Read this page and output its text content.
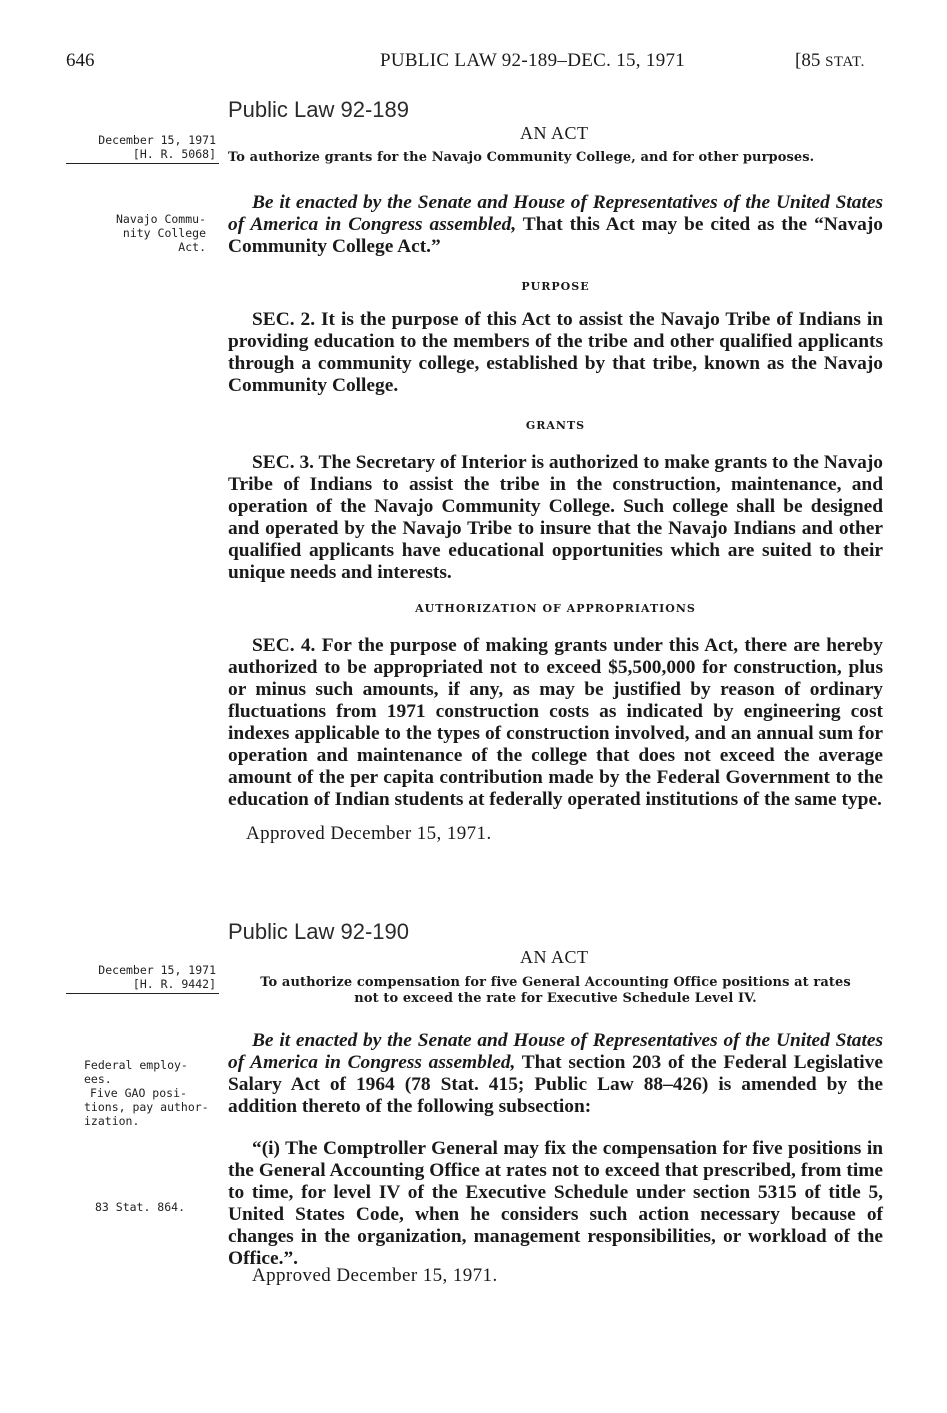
646	PUBLIC LAW 92-189–DEC. 15, 1971	[85 STAT.
Public Law 92-189
AN ACT
December 15, 1971
[H. R. 5068] To authorize grants for the Navajo Community College, and for other purposes.
Navajo Commu-
nity College Act.

Be it enacted by the Senate and House of Representatives of the United States of America in Congress assembled, That this Act may be cited as the “Navajo Community College Act.”

PURPOSE

SEC. 2. It is the purpose of this Act to assist the Navajo Tribe of Indians in providing education to the members of the tribe and other qualified applicants through a community college, established by that tribe, known as the Navajo Community College.

GRANTS

SEC. 3. The Secretary of Interior is authorized to make grants to the Navajo Tribe of Indians to assist the tribe in the construction, maintenance, and operation of the Navajo Community College. Such college shall be designed and operated by the Navajo Tribe to insure that the Navajo Indians and other qualified applicants have educational opportunities which are suited to their unique needs and interests.

AUTHORIZATION OF APPROPRIATIONS

SEC. 4. For the purpose of making grants under this Act, there are hereby authorized to be appropriated not to exceed $5,500,000 for construction, plus or minus such amounts, if any, as may be justified by reason of ordinary fluctuations from 1971 construction costs as indicated by engineering cost indexes applicable to the types of construction involved, and an annual sum for operation and maintenance of the college that does not exceed the average amount of the per capita contribution made by the Federal Government to the education of Indian students at federally operated institutions of the same type.

Approved December 15, 1971.
Public Law 92-190
AN ACT
December 15, 1971
[H. R. 9442]	To authorize compensation for five General Accounting Office positions at rates
not to exceed the rate for Executive Schedule Level IV.
Federal employ-
ees.
Five GAO posi-
tions, pay author-
ization.
83 Stat. 864.

Be it enacted by the Senate and House of Representatives of the United States of America in Congress assembled, That section 203 of the Federal Legislative Salary Act of 1964 (78 Stat. 415; Public Law 88–426) is amended by the addition thereto of the following subsection:

“(i) The Comptroller General may fix the compensation for five positions in the General Accounting Office at rates not to exceed that prescribed, from time to time, for level IV of the Executive Schedule under section 5315 of title 5, United States Code, when he considers such action necessary because of changes in the organization, management responsibilities, or workload of the Office.”.

Approved December 15, 1971.
